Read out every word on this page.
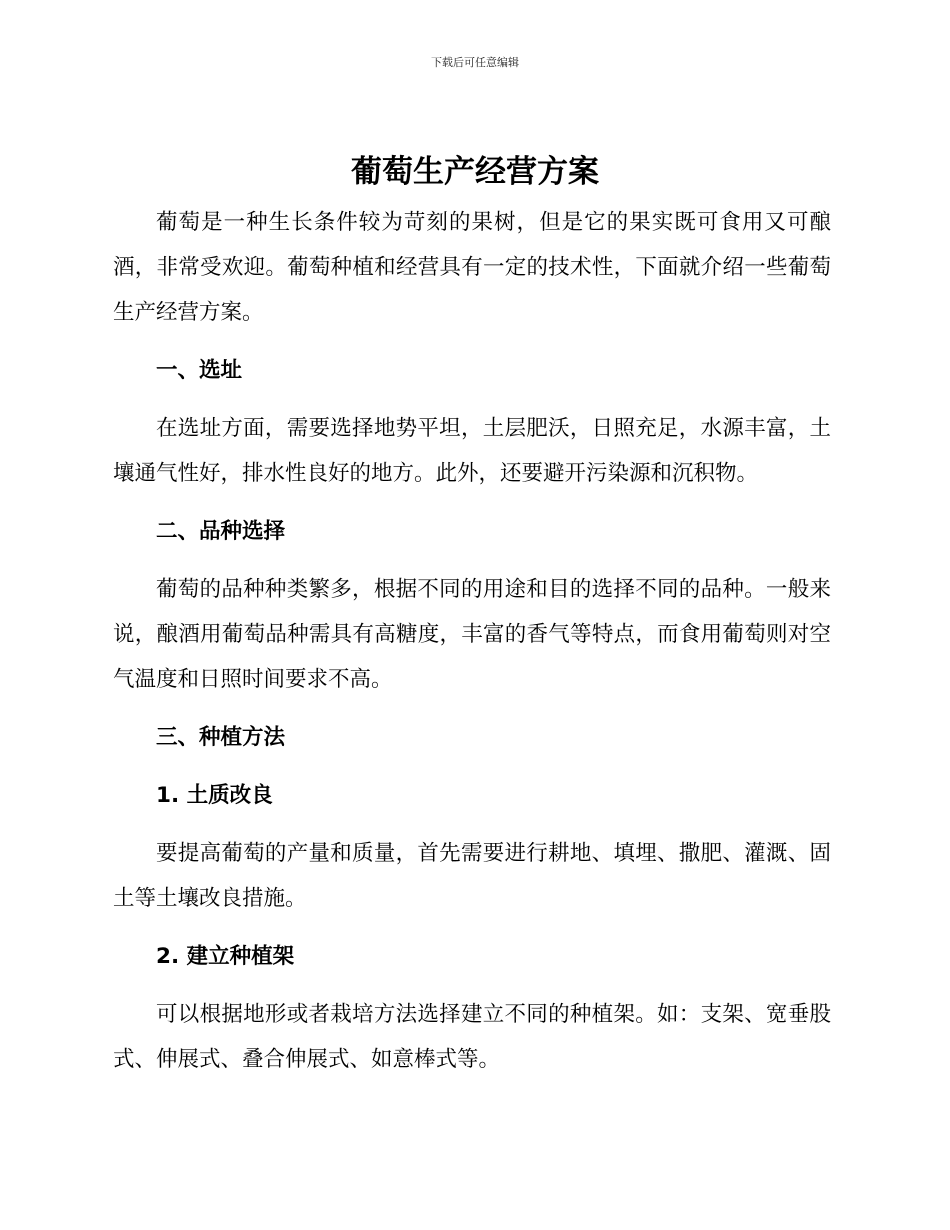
下载后可任意编辑
葡萄生产经营方案

葡萄是一种生长条件较为苛刻的果树，但是它的果实既可食用又可酿酒，非常受欢迎。葡萄种植和经营具有一定的技术性，下面就介绍一些葡萄生产经营方案。

一、选址

在选址方面，需要选择地势平坦，土层肥沃，日照充足，水源丰富，土壤通气性好，排水性良好的地方。此外，还要避开污染源和沉积物。

二、品种选择

葡萄的品种种类繁多，根据不同的用途和目的选择不同的品种。一般来说，酿酒用葡萄品种需具有高糖度，丰富的香气等特点，而食用葡萄则对空气温度和日照时间要求不高。

三、种植方法

1. 土质改良

要提高葡萄的产量和质量，首先需要进行耕地、填埋、撒肥、灌溉、固土等土壤改良措施。

2. 建立种植架

可以根据地形或者栽培方法选择建立不同的种植架。如：支架、宽垂股式、伸展式、叠合伸展式、如意棒式等。
